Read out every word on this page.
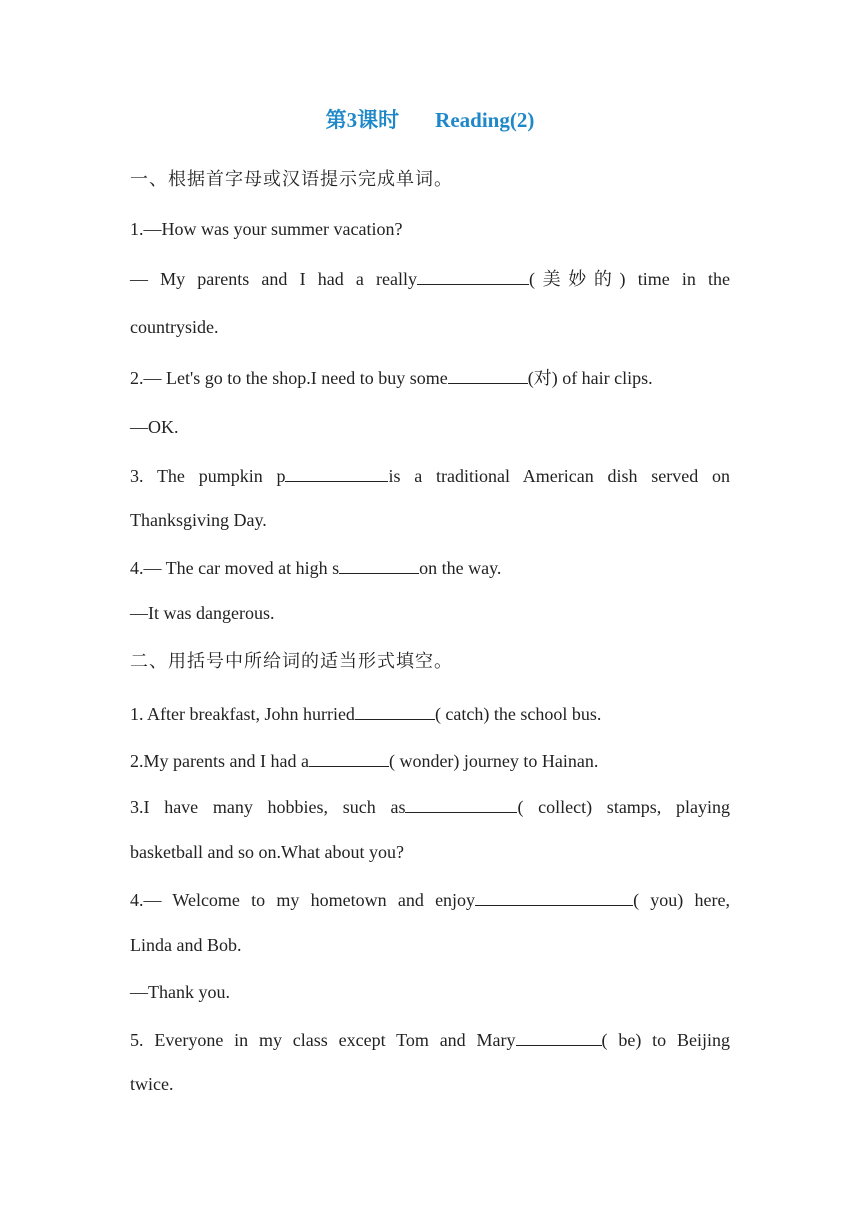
第3课时 Reading(2)
一、根据首字母或汉语提示完成单词。
1.—How was your summer vacation?
— My parents and I had a really	(美妙的) time in the
countryside.
2.— Let's go to the shop.I need to buy some	(对) of hair clips.
—OK.
3. The pumpkin p	is a traditional American dish served on
Thanksgiving Day.
4.— The car moved at high s	on the way.
—It was dangerous.
二、用括号中所给词的适当形式填空。
1. After breakfast, John hurried	( catch) the school bus.
2.My parents and I had a	( wonder) journey to Hainan.
3.I have many hobbies, such as	( collect) stamps, playing
basketball and so on.What about you?
4.— Welcome to my hometown and enjoy	( you) here,
Linda and Bob.
—Thank you.
5. Everyone in my class except Tom and Mary	( be) to Beijing
twice.
